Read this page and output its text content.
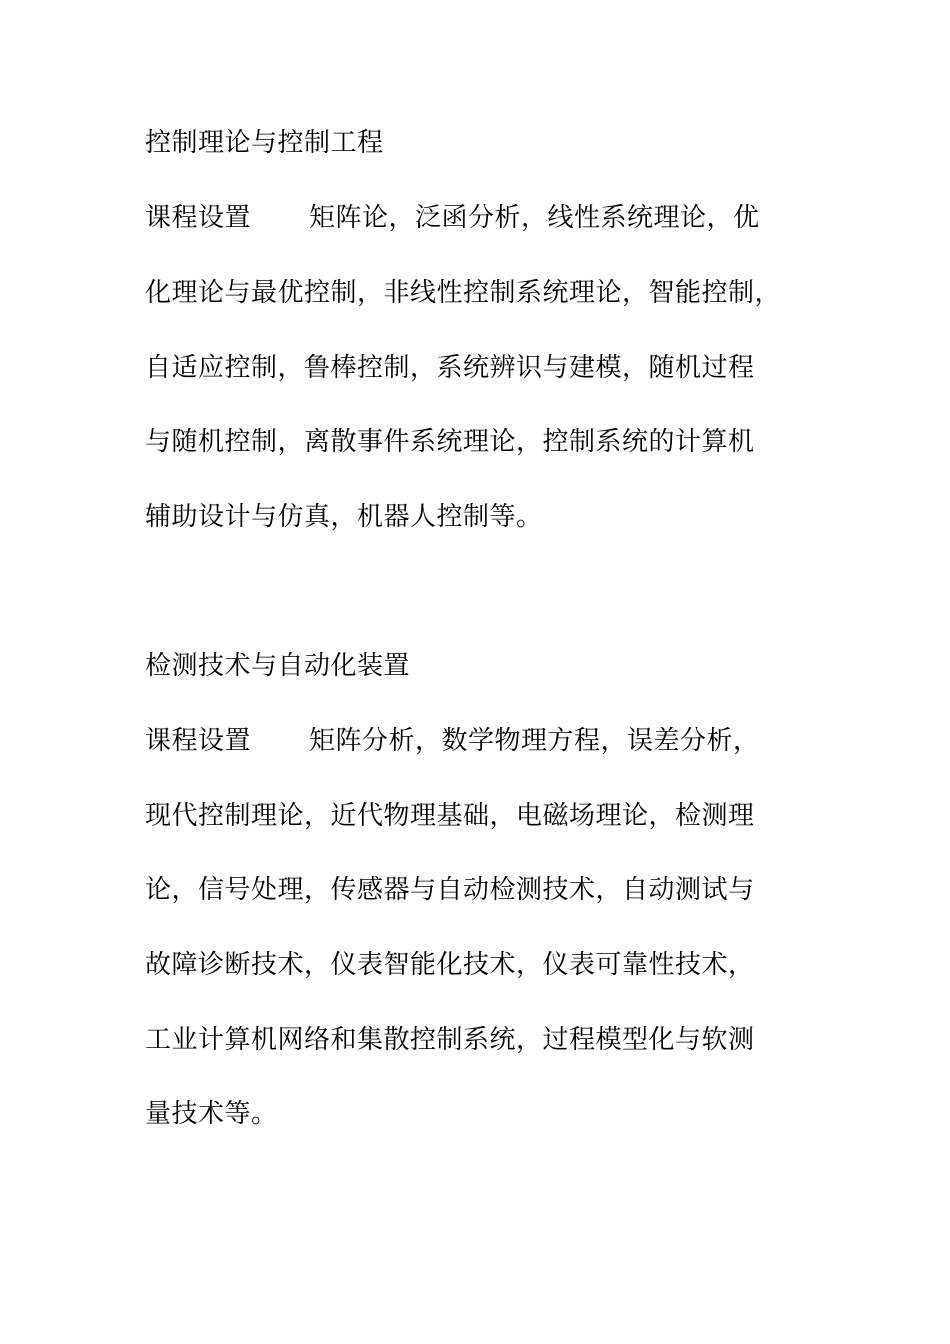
控制理论与控制工程
课程设置 矩阵论，泛函分析，线性系统理论，优
化理论与最优控制，非线性控制系统理论，智能控制，
自适应控制，鲁棒控制，系统辨识与建模，随机过程
与随机控制，离散事件系统理论，控制系统的计算机
辅助设计与仿真，机器人控制等。
检测技术与自动化装置
课程设置 矩阵分析，数学物理方程，误差分析，
现代控制理论，近代物理基础，电磁场理论，检测理
论，信号处理，传感器与自动检测技术，自动测试与
故障诊断技术，仪表智能化技术，仪表可靠性技术，
工业计算机网络和集散控制系统，过程模型化与软测
量技术等。
